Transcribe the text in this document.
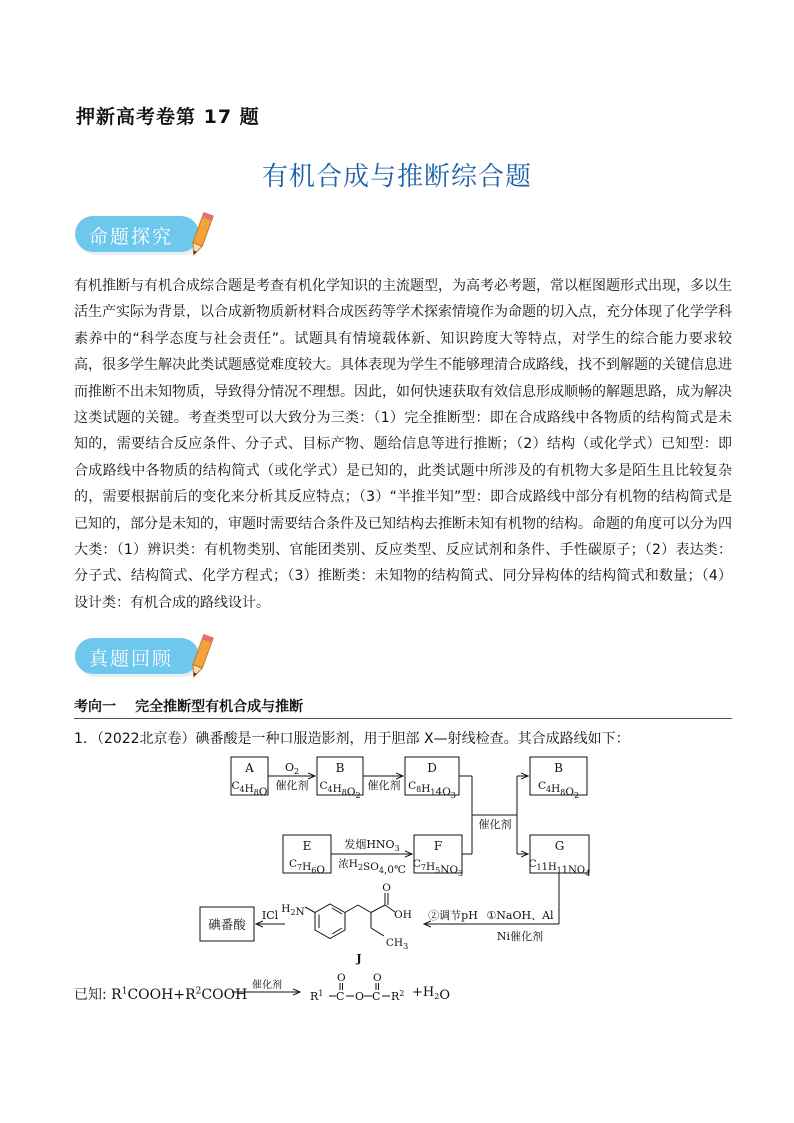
押新高考卷第 17 题
有机合成与推断综合题
命题探究
有机推断与有机合成综合题是考查有机化学知识的主流题型，为高考必考题，常以框图题形式出现，多以生活生产实际为背景，以合成新物质新材料合成医药等学术探索情境作为命题的切入点，充分体现了化学学科素养中的“科学态度与社会责任”。试题具有情境载体新、知识跨度大等特点，对学生的综合能力要求较高，很多学生解决此类试题感觉难度较大。具体表现为学生不能够理清合成路线，找不到解题的关键信息进而推断不出未知物质，导致得分情况不理想。因此，如何快速获取有效信息形成顺畅的解题思路，成为解决这类试题的关键。考查类型可以大致分为三类：（1）完全推断型：即在合成路线中各物质的结构简式是未知的，需要结合反应条件、分子式、目标产物、题给信息等进行推断；（2）结构（或化学式）已知型：即合成路线中各物质的结构简式（或化学式）是已知的，此类试题中所涉及的有机物大多是陌生且比较复杂的，需要根据前后的变化来分析其反应特点；（3）“半推半知”型：即合成路线中部分有机物的结构简式是已知的，部分是未知的，审题时需要结合条件及已知结构去推断未知有机物的结构。命题的角度可以分为四大类：（1）辨识类：有机物类别、官能团类别、反应类型、反应试剂和条件、手性碳原子；（2）表达类：分子式、结构简式、化学方程式；（3）推断类：未知物的结构简式、同分异构体的结构简式和数量；（4）设计类：有机合成的路线设计。
真题回顾
考向一 完全推断型有机合成与推断
1．（2022北京卷）碘番酸是一种口服造影剂，用于胆部 X—射线检查。其合成路线如下：
A
$C_4H_8O$
B
$C_4H_8O_2$
D
$C_8H_14O_3$
B
$C_4H_8O_2$
E
$C_7H_6O$
F
$C_7H_5NO_3$
G
$C_11H_11NO_4$
碘番酸
$O_2$
催化剂	催化剂
催化剂
发烟$HNO_3$
浓$H_2SO_4,0℃$
①NaOH、Al
Ni催化剂
②调节pH
ICl $H_2N$
O
OH
$CH_3$
J
已知: $R^1COOH+R^2COOH$
催化剂
$R^1$ C O C $R^2$
O	O
$+H_2O$
